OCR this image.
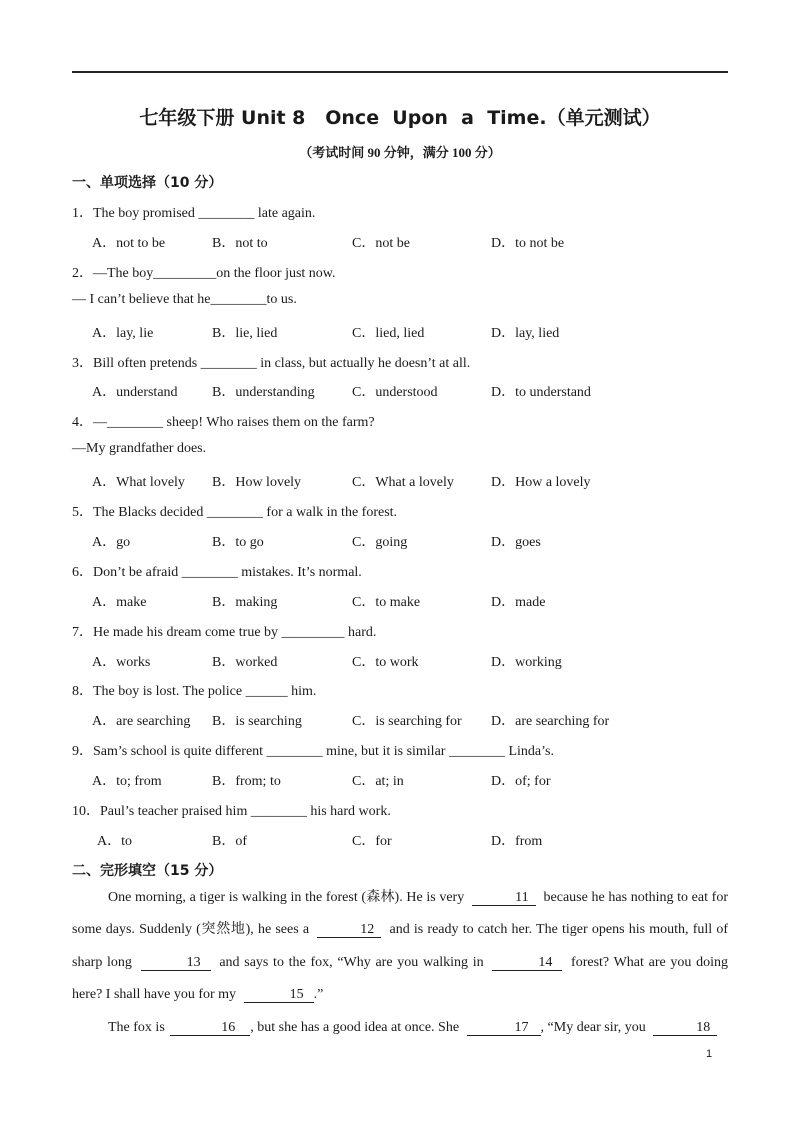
七年级下册 Unit 8   Once  Upon  a  Time.（单元测试）
（考试时间 90 分钟，满分 100 分）
一、单项选择（10 分）
1．The boy promised ________ late again.
A．not to be	B．not to	C．not be	D．to not be
2．—The boy_________on the floor just now.
— I can’t believe that he________to us.
A．lay, lie	B．lie, lied	C．lied, lied	D．lay, lied
3．Bill often pretends ________ in class, but actually he doesn’t at all.
A．understand B．understanding	C．understood	D．to understand
4．—________ sheep! Who raises them on the farm?
—My grandfather does.
A．What lovely B．How lovely	C．What a lovely	D．How a lovely
5．The Blacks decided ________ for a walk in the forest.
A．go	B．to go	C．going	D．goes
6．Don’t be afraid ________ mistakes. It’s normal.
A．make	B．making	C．to make	D．made
7．He made his dream come true by _________ hard.
A．works	B．worked	C．to work	D．working
8．The boy is lost. The police ______ him.
A．are searching B．is searching	C．is searching for D．are searching for
9．Sam’s school is quite different ________ mine, but it is similar ________ Linda’s.
A．to; from	B．from; to	C．at; in	D．of; for
10．Paul’s teacher praised him ________ his hard work.
A．to	B．of	C．for	D．from
二、完形填空（15 分）

One morning, a tiger is walking in the forest (森林). He is very	11 because he has nothing to eat for some days. Suddenly (突然地), he sees a	12 and is ready to catch her. The tiger opens his mouth, full of sharp long	13 and says to the fox, “Why are you walking in	14 forest? What are you doing here? I shall have you for my	15 .”

The fox is	16 , but she has a good idea at once. She	17 , “My dear sir, you	18

1
